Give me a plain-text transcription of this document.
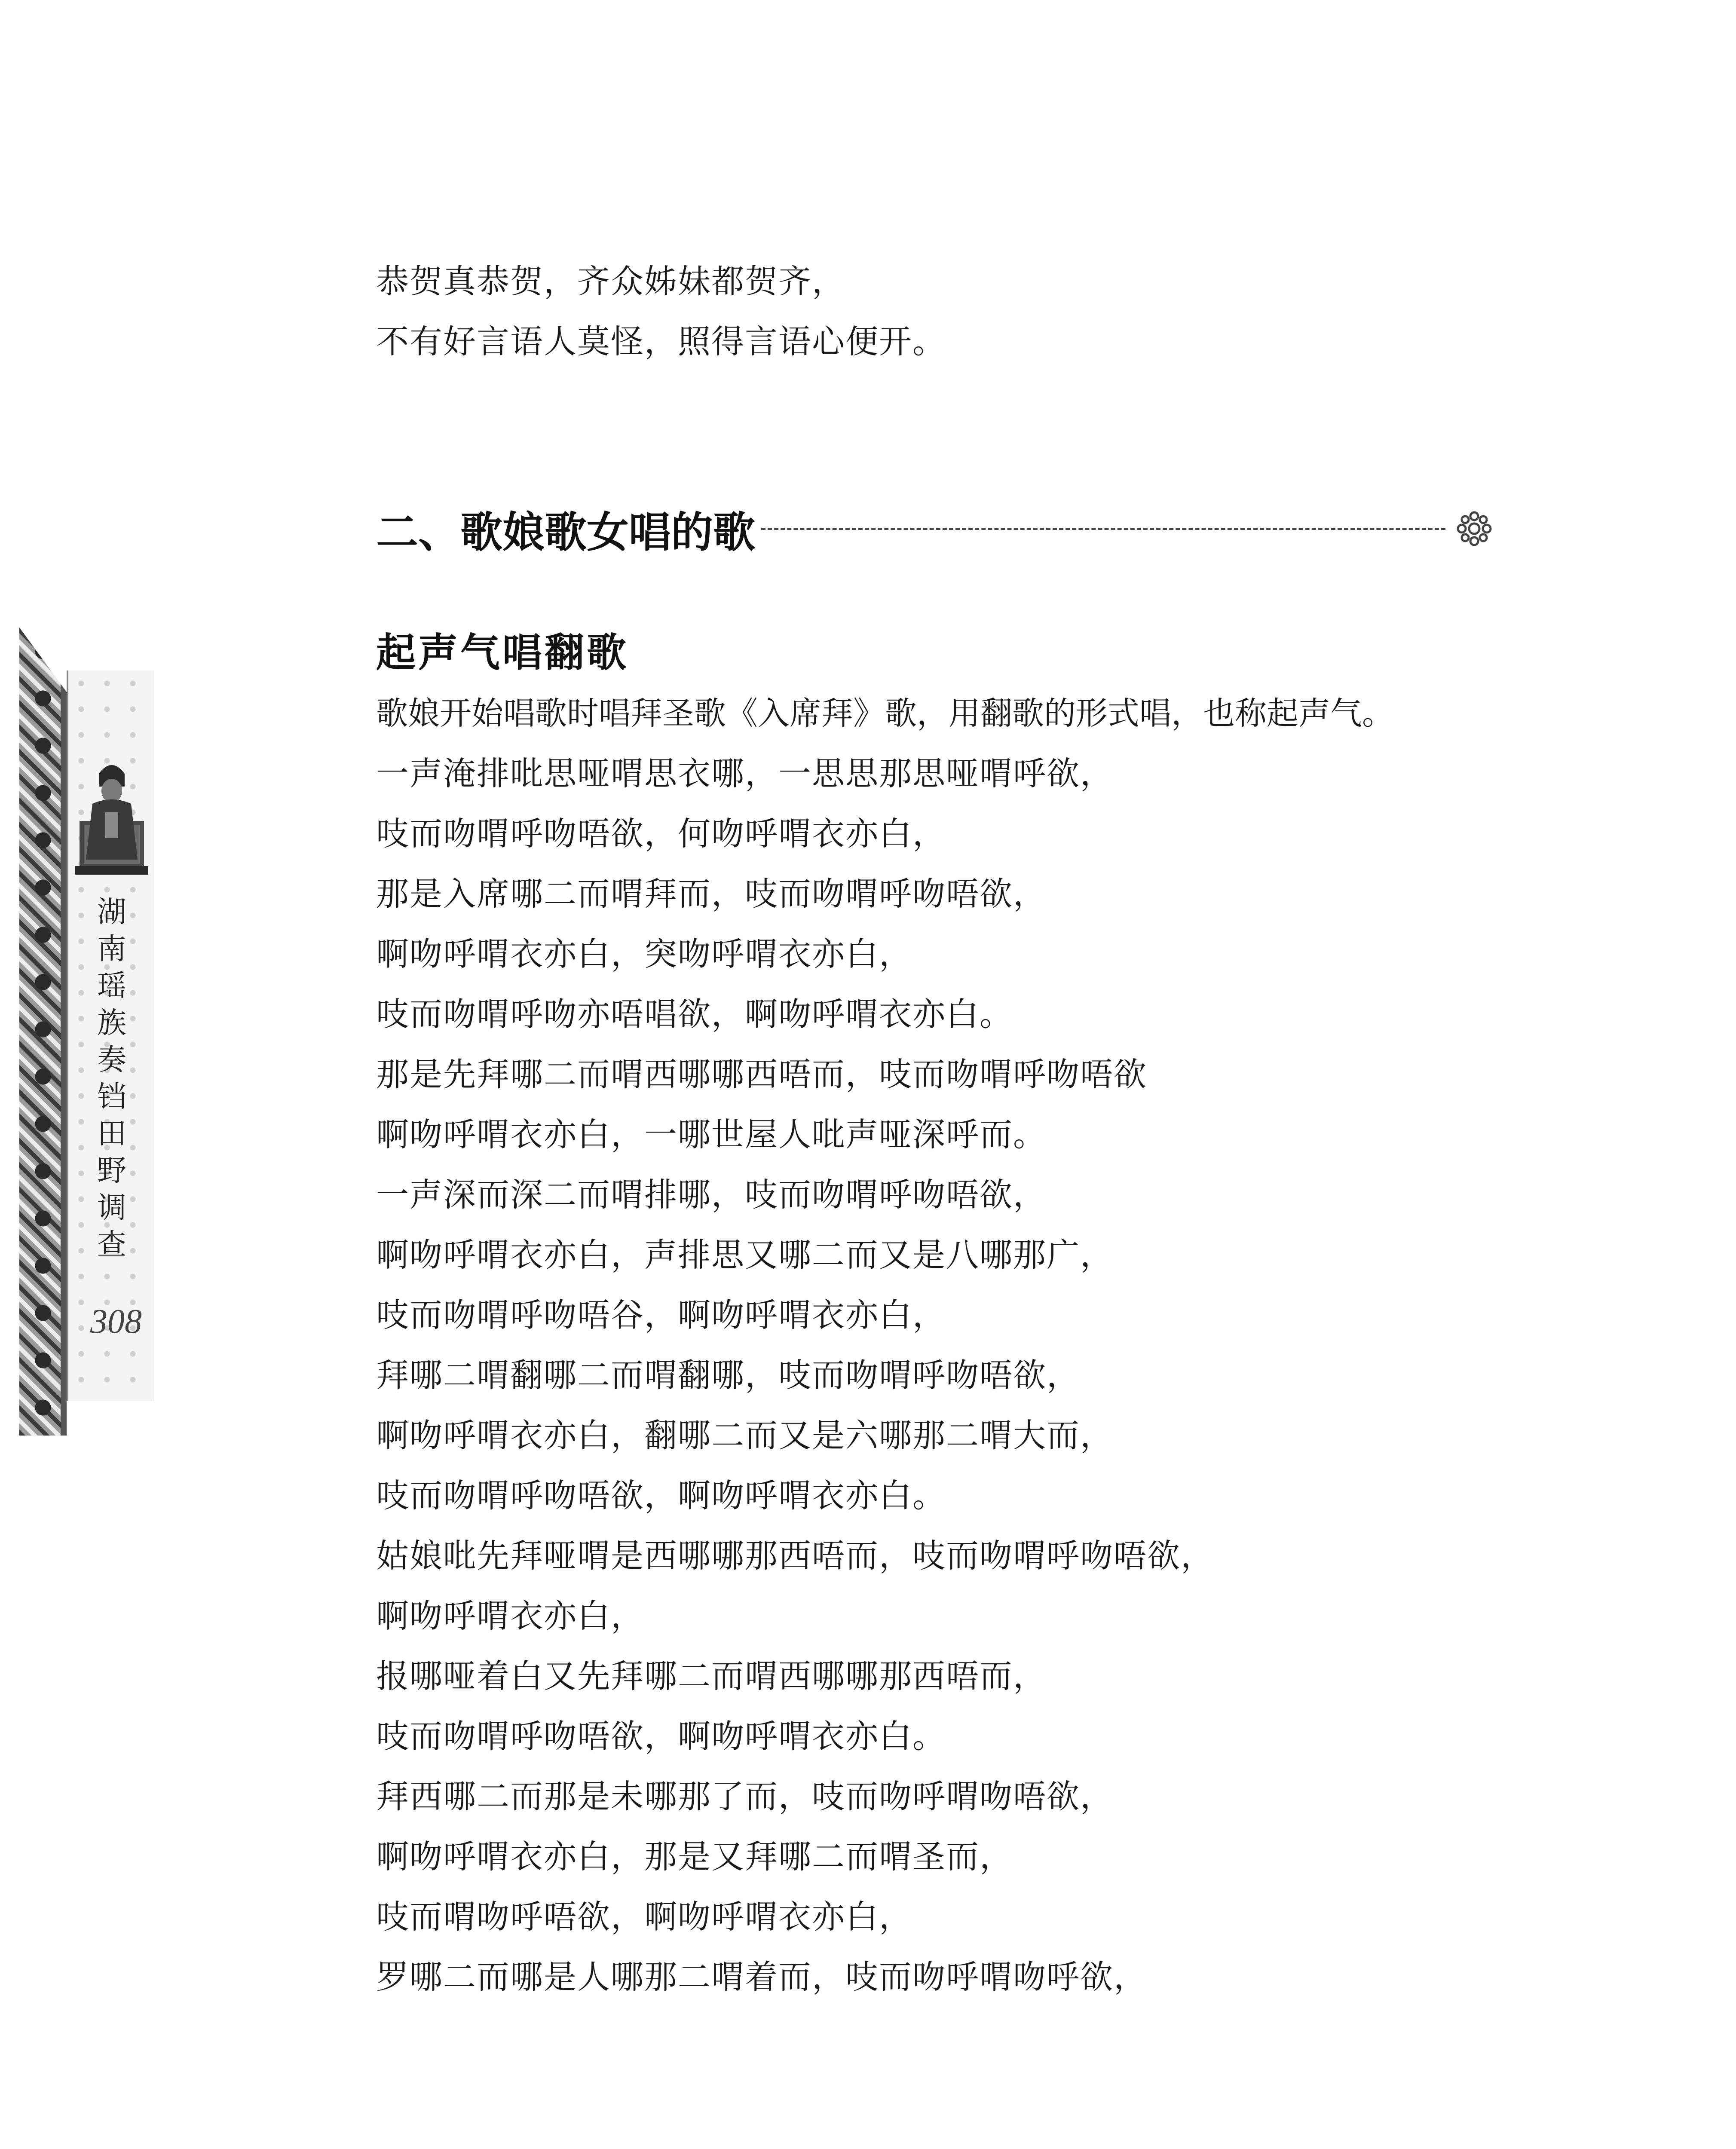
湖
南
瑶
族
奏
铛
田
野
调
查
308
恭贺真恭贺，齐众姊妹都贺齐，
不有好言语人莫怪，照得言语心便开。
二、歌娘歌女唱的歌
起声气唱翻歌
歌娘开始唱歌时唱拜圣歌《入席拜》歌，用翻歌的形式唱，也称起声气。
一声淹排吡思哑喟思衣哪，一思思那思哑喟呼欲，
吱而吻喟呼吻唔欲，何吻呼喟衣亦白，
那是入席哪二而喟拜而，吱而吻喟呼吻唔欲，
啊吻呼喟衣亦白，突吻呼喟衣亦白，
吱而吻喟呼吻亦唔唱欲，啊吻呼喟衣亦白。
那是先拜哪二而喟西哪哪西唔而，吱而吻喟呼吻唔欲
啊吻呼喟衣亦白，一哪世屋人吡声哑深呼而。
一声深而深二而喟排哪，吱而吻喟呼吻唔欲，
啊吻呼喟衣亦白，声排思又哪二而又是八哪那广，
吱而吻喟呼吻唔谷，啊吻呼喟衣亦白，
拜哪二喟翻哪二而喟翻哪，吱而吻喟呼吻唔欲，
啊吻呼喟衣亦白，翻哪二而又是六哪那二喟大而，
吱而吻喟呼吻唔欲，啊吻呼喟衣亦白。
姑娘吡先拜哑喟是西哪哪那西唔而，吱而吻喟呼吻唔欲，
啊吻呼喟衣亦白，
报哪哑着白又先拜哪二而喟西哪哪那西唔而，
吱而吻喟呼吻唔欲，啊吻呼喟衣亦白。
拜西哪二而那是未哪那了而，吱而吻呼喟吻唔欲，
啊吻呼喟衣亦白，那是又拜哪二而喟圣而，
吱而喟吻呼唔欲，啊吻呼喟衣亦白，
罗哪二而哪是人哪那二喟着而，吱而吻呼喟吻呼欲，
